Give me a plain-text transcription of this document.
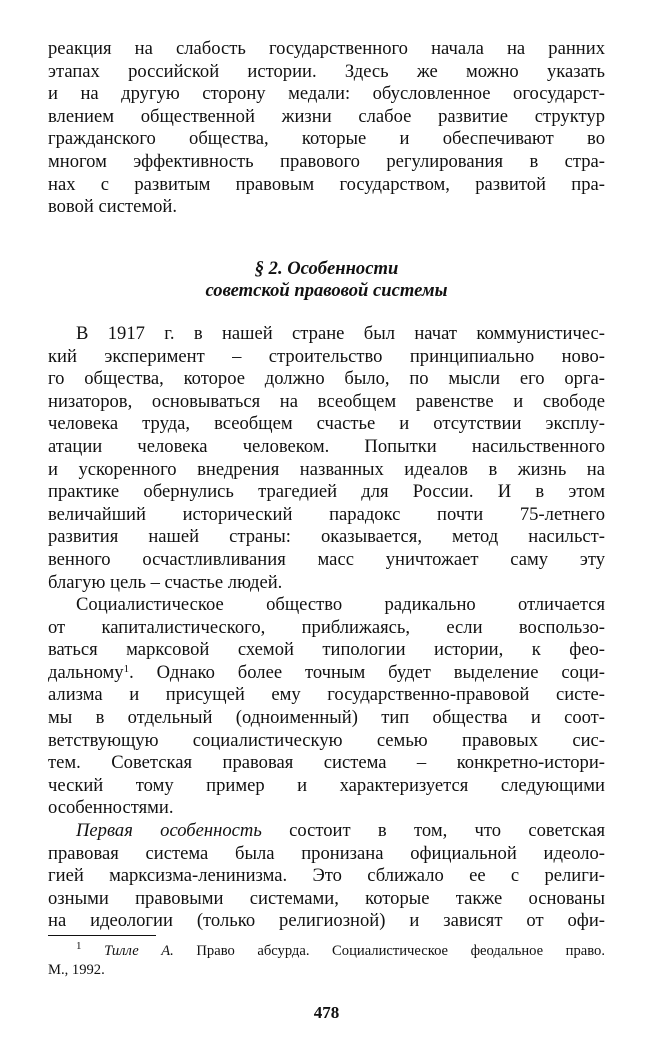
реакция на слабость государственного начала на ранних
этапах российской истории. Здесь же можно указать
и на другую сторону медали: обусловленное огосударст-
влением общественной жизни слабое развитие структур
гражданского общества, которые и обеспечивают во
многом эффективность правового регулирования в стра-
нах с развитым правовым государством, развитой пра-
вовой системой.
§ 2. Особенности
советской правовой системы
В 1917 г. в нашей стране был начат коммунистичес-
кий эксперимент – строительство принципиально ново-
го общества, которое должно было, по мысли его орга-
низаторов, основываться на всеобщем равенстве и свободе
человека труда, всеобщем счастье и отсутствии эксплу-
атации человека человеком. Попытки насильственного
и ускоренного внедрения названных идеалов в жизнь на
практике обернулись трагедией для России. И в этом
величайший исторический парадокс почти 75-летнего
развития нашей страны: оказывается, метод насильст-
венного осчастливливания масс уничтожает саму эту
благую цель – счастье людей.
Социалистическое общество радикально отличается
от капиталистического, приближаясь, если воспользо-
ваться марксовой схемой типологии истории, к фео-
дальному$^1$. Однако более точным будет выделение соци-
ализма и присущей ему государственно-правовой систе-
мы в отдельный (одноименный) тип общества и соот-
ветствующую социалистическую семью правовых сис-
тем. Советская правовая система – конкретно-истори-
ческий тому пример и характеризуется следующими
особенностями.
Первая особенность состоит в том, что советская
правовая система была пронизана официальной идеоло-
гией марксизма-ленинизма. Это сближало ее с религи-
озными правовыми системами, которые также основаны
на идеологии (только религиозной) и зависят от офи-
$^1$ Тилле А. Право абсурда. Социалистическое феодальное право.
М., 1992.
478
